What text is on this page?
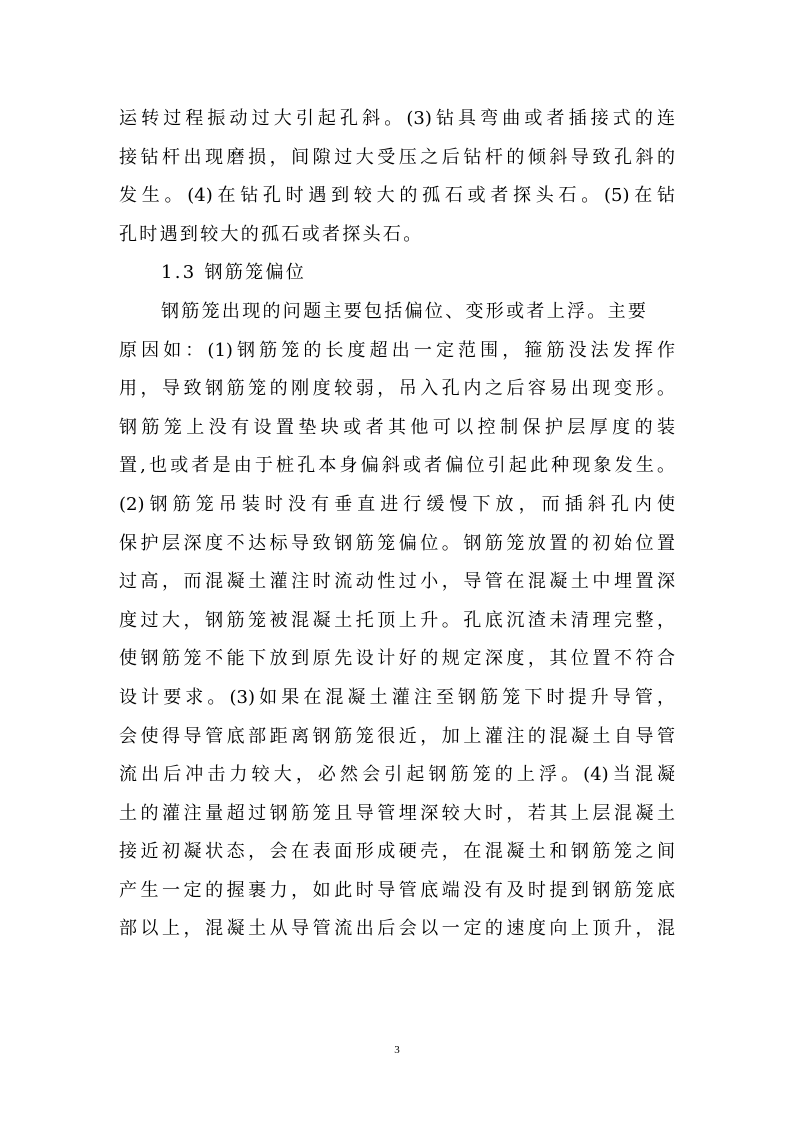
运转过程振动过大引起孔斜。(3)钻具弯曲或者插接式的连
接钻杆出现磨损，间隙过大受压之后钻杆的倾斜导致孔斜的
发生。(4)在钻孔时遇到较大的孤石或者探头石。(5)在钻
孔时遇到较大的孤石或者探头石。
1.3 钢筋笼偏位
钢筋笼出现的问题主要包括偏位、变形或者上浮。主要
原因如：(1)钢筋笼的长度超出一定范围，箍筋没法发挥作
用，导致钢筋笼的刚度较弱，吊入孔内之后容易出现变形。
钢筋笼上没有设置垫块或者其他可以控制保护层厚度的装
置,也或者是由于桩孔本身偏斜或者偏位引起此种现象发生。
(2)钢筋笼吊装时没有垂直进行缓慢下放，而插斜孔内使
保护层深度不达标导致钢筋笼偏位。钢筋笼放置的初始位置
过高，而混凝土灌注时流动性过小，导管在混凝土中埋置深
度过大，钢筋笼被混凝土托顶上升。孔底沉渣未清理完整，
使钢筋笼不能下放到原先设计好的规定深度，其位置不符合
设计要求。(3)如果在混凝土灌注至钢筋笼下时提升导管，
会使得导管底部距离钢筋笼很近，加上灌注的混凝土自导管
流出后冲击力较大，必然会引起钢筋笼的上浮。(4)当混凝
土的灌注量超过钢筋笼且导管埋深较大时，若其上层混凝土
接近初凝状态，会在表面形成硬壳，在混凝土和钢筋笼之间
产生一定的握裹力，如此时导管底端没有及时提到钢筋笼底
部以上，混凝土从导管流出后会以一定的速度向上顶升，混
3
